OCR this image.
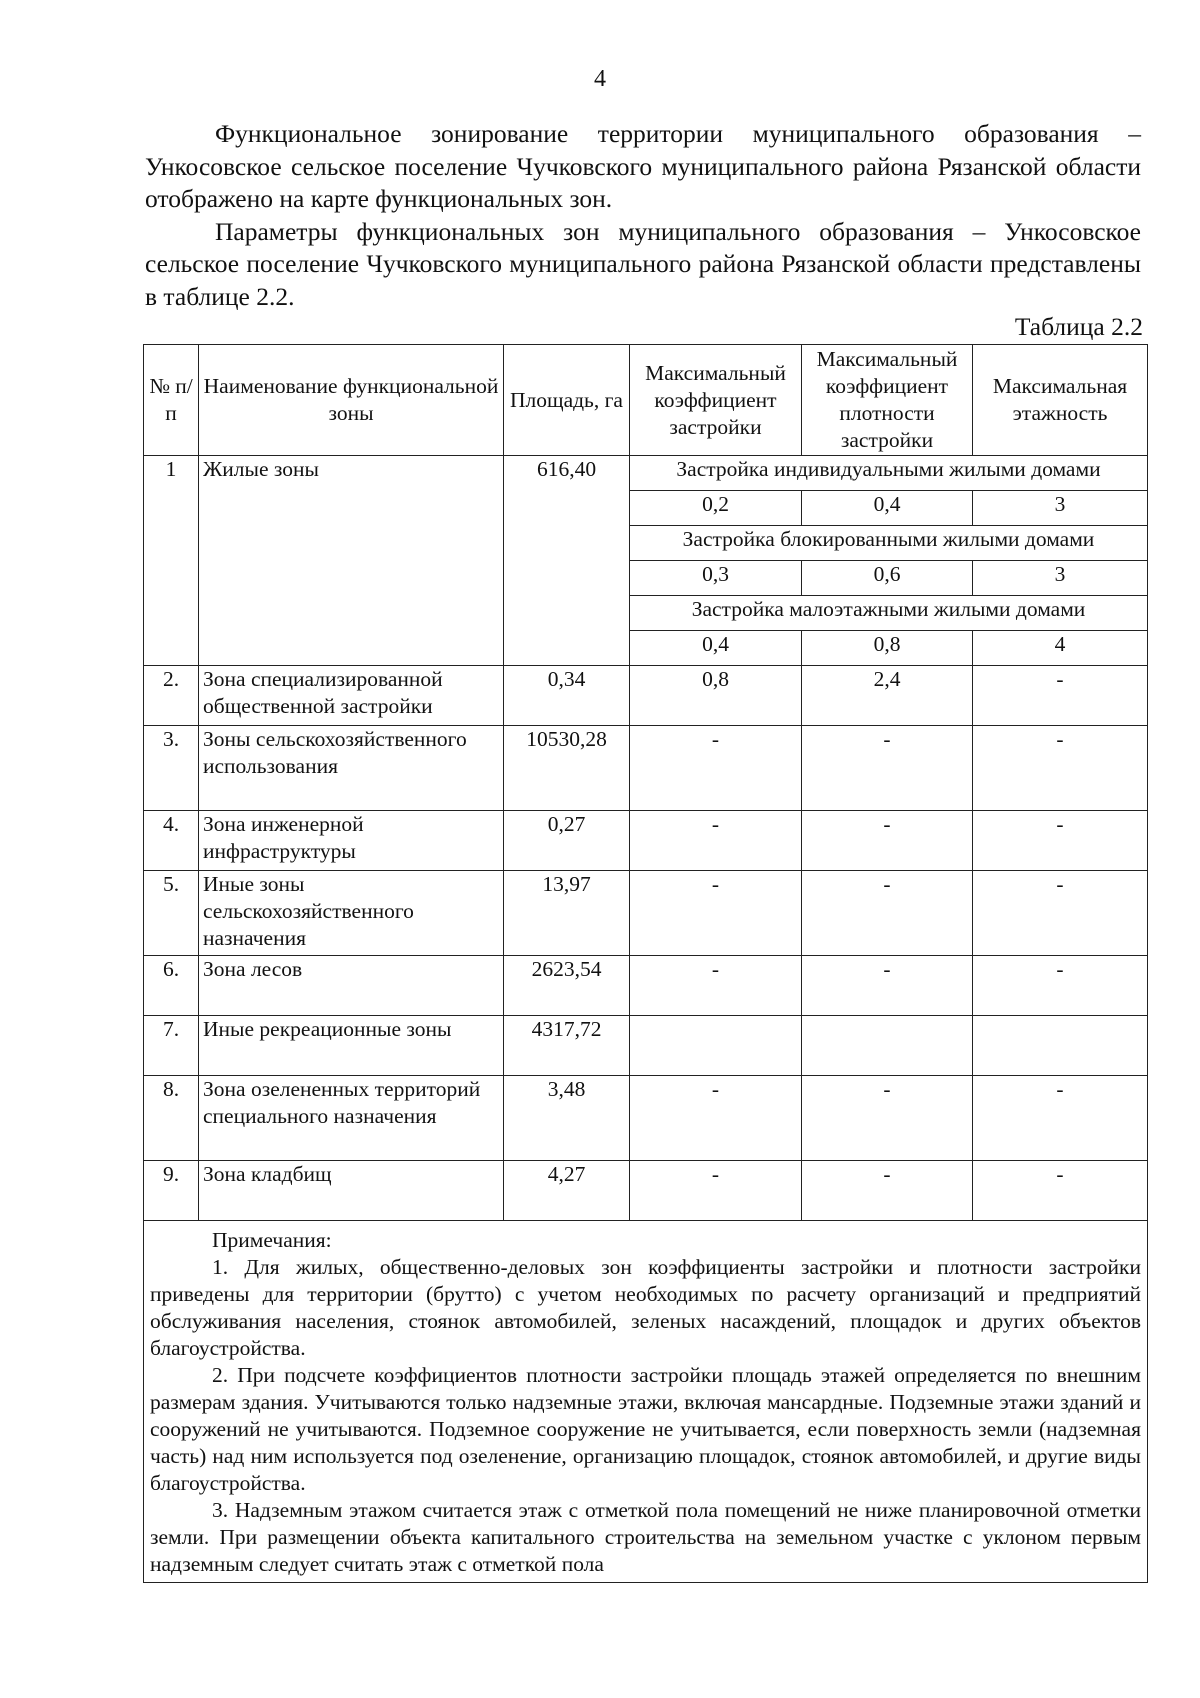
4

Функциональное зонирование территории муниципального образования – Ункосовское сельское поселение Чучковского муниципального района Рязанской области отображено на карте функциональных зон.

Параметры функциональных зон муниципального образования – Ункосовское сельское поселение Чучковского муниципального района Рязанской области представлены в таблице 2.2.

Таблица 2.2
№ п/п	Наименование функциональной зоны	Площадь, га	Максимальный коэффициент застройки	Максимальный коэффициент плотности застройки	Максимальная этажность
1	Жилые зоны	616,40	Застройка индивидуальными жилыми домами		
			0,2	0,4	3
			Застройка блокированными жилыми домами		
			0,3	0,6	3
			Застройка малоэтажными жилыми домами		
			0,4	0,8	4
2.	Зона специализированной общественной застройки	0,34	0,8	2,4	-
3.	Зоны сельскохозяйственного использования	10530,28	-	-	-
4.	Зона инженерной инфраструктуры	0,27	-	-	-
5.	Иные зоны сельскохозяйственного назначения	13,97	-	-	-
6.	Зона лесов	2623,54	-	-	-
7.	Иные рекреационные зоны	4317,72			
8.	Зона озелененных территорий специального назначения	3,48	-	-	-
9.	Зона кладбищ	4,27	-	-	-

Примечания:

1. Для жилых, общественно-деловых зон коэффициенты застройки и плотности застройки приведены для территории (брутто) с учетом необходимых по расчету организаций и предприятий обслуживания населения, стоянок автомобилей, зеленых насаждений, площадок и других объектов благоустройства.

2. При подсчете коэффициентов плотности застройки площадь этажей определяется по внешним размерам здания. Учитываются только надземные этажи, включая мансардные. Подземные этажи зданий и сооружений не учитываются. Подземное сооружение не учитывается, если поверхность земли (надземная часть) над ним используется под озеленение, организацию площадок, стоянок автомобилей, и другие виды благоустройства.

3. Надземным этажом считается этаж с отметкой пола помещений не ниже планировочной отметки земли. При размещении объекта капитального строительства на земельном участке с уклоном первым надземным следует считать этаж с отметкой пола					
